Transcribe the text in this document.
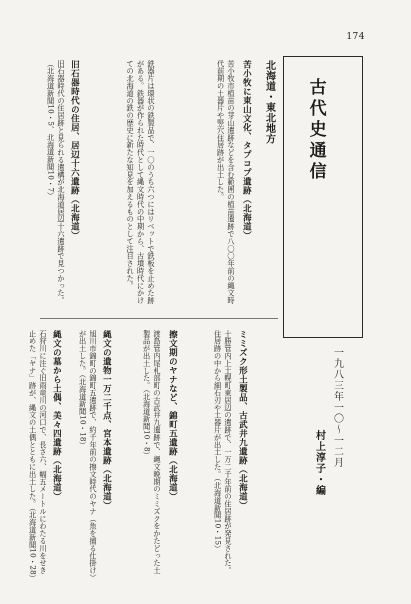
174
古代史通信
一九八三年一〇〜一二月
村上淳子・編
北海道・東北地方
苦小牧に東山文化、タプコプ遺跡（北海道）
苦小牧市植苗の芽山遺跡などを含む範囲の植苗遺跡で八〇〇年前の縄文時代前期の土器片や竪穴住居跡が出土した。
鉄器片は環状の鉄製品で、一〇のうち六つにはリベットで鉄板を止めた跡がある。鉄器が作られた時代として縄文時代の中期から、古墳時代にかけての北海道の鉄の歴史に新たな知見を加えるものとして注目された。
旧石器時代の住居、居辺十六遺跡（北海道）
旧石器時代の住居跡と見られる遺構が北海道居辺十六遺跡で見つかった。（北海道新聞10・5、北海道新聞10・7）
ミミズク形土製品、古武井九遺跡（北海道）
十勝管内上土幌町東居辺の遺跡で、一万二千年前の住居跡が発見された。住居跡の中から細石刃や土器片が出土した。（北海道新聞10・15）
擦文期のヤナなど、錦町五遺跡（北海道）
渡島管内尾札部町の古武井九遺跡で、縄文晩期のミミズクをかたどった土製品が出土した。（北海道新聞10・8）
縄文の遺物一万二千点、宮本遺跡（北海道）
旭川市錦町の錦町五遺跡で、約千年前の擦文時代のヤナ（魚を捕る仕掛け）が出土した。（北海道新聞10・18）
縄文の墓から土偶、美々四遺跡（北海道）
石狩川に注ぐ旧雨竜川の河口で、長さ六、幅五メートルにわたる川をせき止めた「ヤナ」跡が、縄文の土偶とともに出土した。（北海道新聞10・28）
